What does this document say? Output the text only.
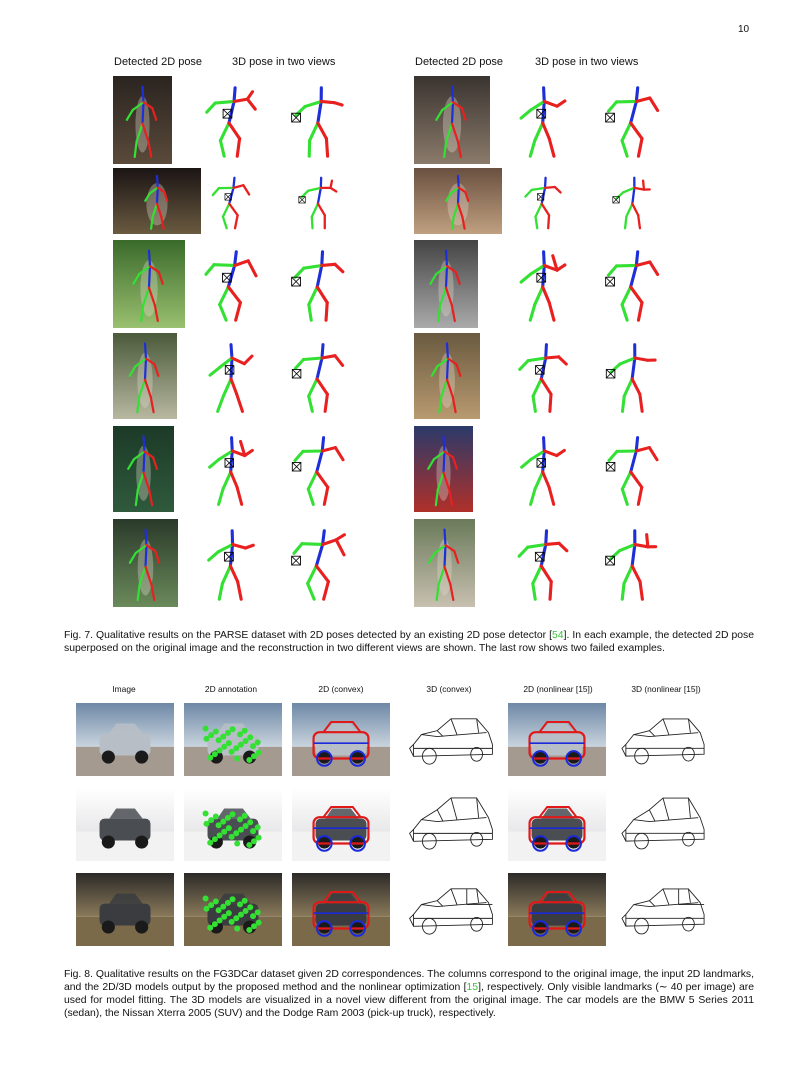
10
Detected 2D pose	3D pose in two views	Detected 2D pose	3D pose in two views
Fig. 7. Qualitative results on the PARSE dataset with 2D poses detected by an existing 2D pose detector [54]. In each example, the detected 2D pose superposed on the original image and the reconstruction in two different views are shown. The last row shows two failed examples.
Image	2D annotation	2D (convex)	3D (convex)	2D (nonlinear [15])	3D (nonlinear [15])
Fig. 8. Qualitative results on the FG3DCar dataset given 2D correspondences. The columns correspond to the original image, the input 2D landmarks, and the 2D/3D models output by the proposed method and the nonlinear optimization [15], respectively. Only visible landmarks (∼ 40 per image) are used for model fitting. The 3D models are visualized in a novel view different from the original image. The car models are the BMW 5 Series 2011 (sedan), the Nissan Xterra 2005 (SUV) and the Dodge Ram 2003 (pick-up truck), respectively.
